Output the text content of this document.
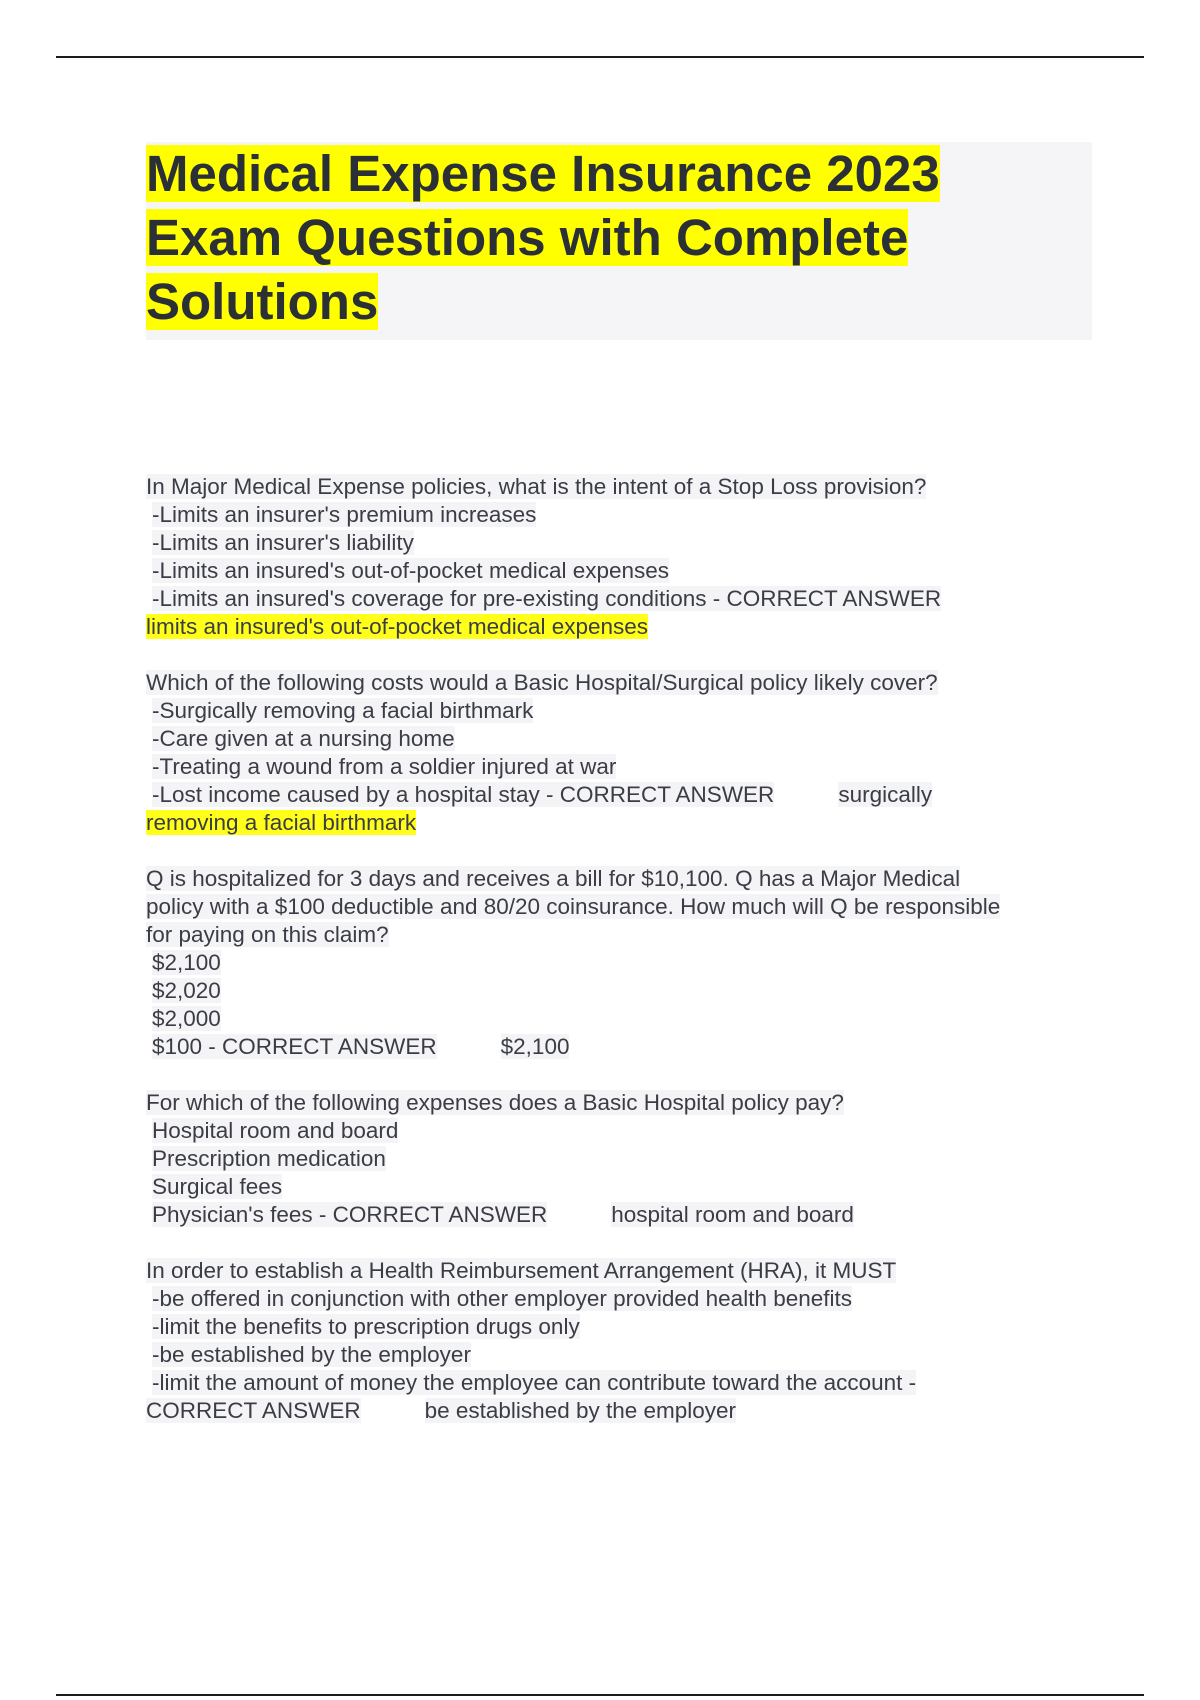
Medical Expense Insurance 2023 Exam Questions with Complete Solutions
In Major Medical Expense policies, what is the intent of a Stop Loss provision?
-Limits an insurer's premium increases
-Limits an insurer's liability
-Limits an insured's out-of-pocket medical expenses
-Limits an insured's coverage for pre-existing conditions - CORRECT ANSWER
limits an insured's out-of-pocket medical expenses
Which of the following costs would a Basic Hospital/Surgical policy likely cover?
-Surgically removing a facial birthmark
-Care given at a nursing home
-Treating a wound from a soldier injured at war
-Lost income caused by a hospital stay - CORRECT ANSWER	surgically
removing a facial birthmark
Q is hospitalized for 3 days and receives a bill for $10,100. Q has a Major Medical
policy with a $100 deductible and 80/20 coinsurance. How much will Q be responsible
for paying on this claim?
$2,100
$2,020
$2,000
$100 - CORRECT ANSWER	$2,100
For which of the following expenses does a Basic Hospital policy pay?
Hospital room and board
Prescription medication
Surgical fees
Physician's fees - CORRECT ANSWER	hospital room and board
In order to establish a Health Reimbursement Arrangement (HRA), it MUST
-be offered in conjunction with other employer provided health benefits
-limit the benefits to prescription drugs only
-be established by the employer
-limit the amount of money the employee can contribute toward the account -
CORRECT ANSWER	be established by the employer
